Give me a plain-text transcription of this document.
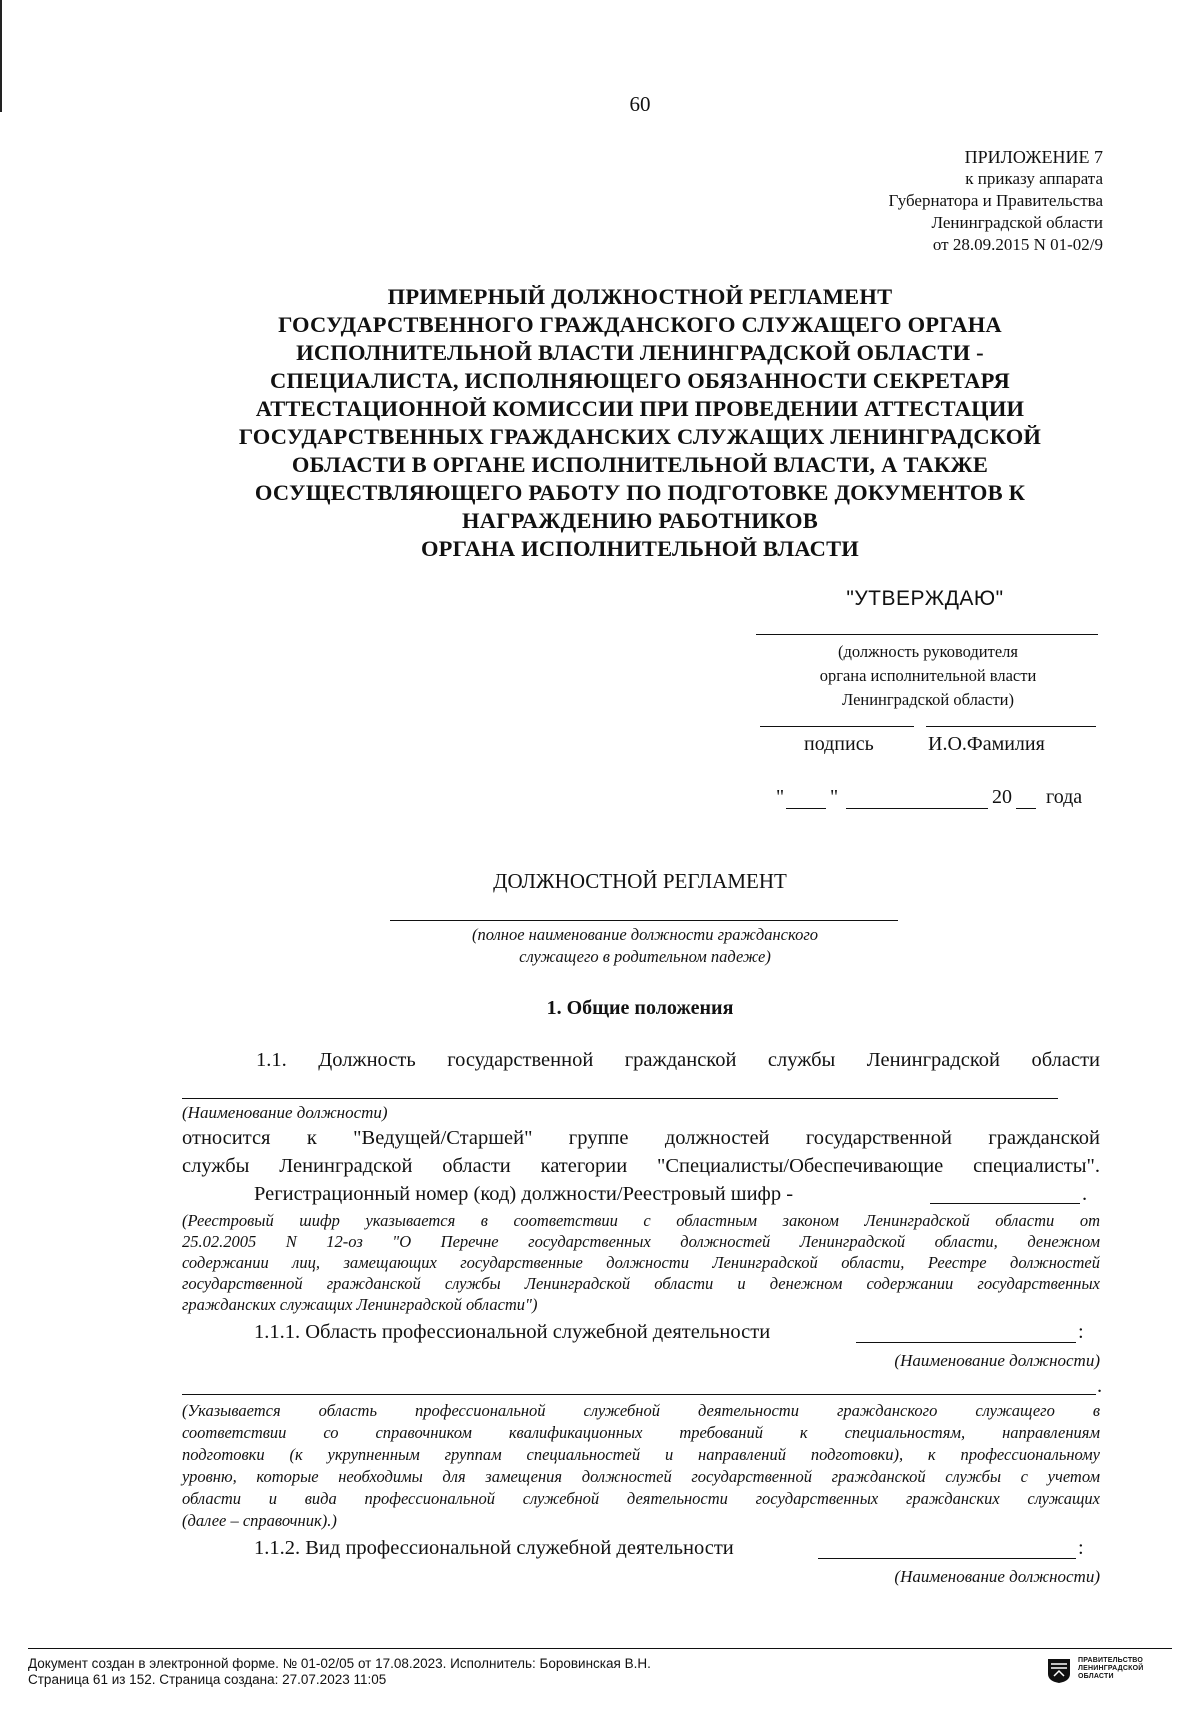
60
ПРИЛОЖЕНИЕ 7
к приказу аппарата
Губернатора и Правительства
Ленинградской области
от 28.09.2015 N 01-02/9
ПРИМЕРНЫЙ ДОЛЖНОСТНОЙ РЕГЛАМЕНТ
ГОСУДАРСТВЕННОГО ГРАЖДАНСКОГО СЛУЖАЩЕГО ОРГАНА
ИСПОЛНИТЕЛЬНОЙ ВЛАСТИ ЛЕНИНГРАДСКОЙ ОБЛАСТИ -
СПЕЦИАЛИСТА, ИСПОЛНЯЮЩЕГО ОБЯЗАННОСТИ СЕКРЕТАРЯ
АТТЕСТАЦИОННОЙ КОМИССИИ ПРИ ПРОВЕДЕНИИ АТТЕСТАЦИИ
ГОСУДАРСТВЕННЫХ ГРАЖДАНСКИХ СЛУЖАЩИХ ЛЕНИНГРАДСКОЙ
ОБЛАСТИ В ОРГАНЕ ИСПОЛНИТЕЛЬНОЙ ВЛАСТИ, А ТАКЖЕ
ОСУЩЕСТВЛЯЮЩЕГО РАБОТУ ПО ПОДГОТОВКЕ ДОКУМЕНТОВ К
НАГРАЖДЕНИЮ РАБОТНИКОВ
ОРГАНА ИСПОЛНИТЕЛЬНОЙ ВЛАСТИ
"УТВЕРЖДАЮ"
(должность руководителя
органа исполнительной власти
Ленинградской области)
подпись	И.О.Фамилия
" "	20 года
ДОЛЖНОСТНОЙ РЕГЛАМЕНТ
(полное наименование должности гражданского
служащего в родительном падеже)
1. Общие положения
1.1. Должность государственной гражданской службы Ленинградской области
(Наименование должности)
относится к "Ведущей/Старшей" группе должностей государственной гражданской
службы Ленинградской области категории "Специалисты/Обеспечивающие специалисты".
Регистрационный номер (код) должности/Реестровый шифр -	.
(Реестровый шифр указывается в соответствии с областным законом Ленинградской области от
25.02.2005 N 12-оз "О Перечне государственных должностей Ленинградской области, денежном
содержании лиц, замещающих государственные должности Ленинградской области, Реестре должностей
государственной гражданской службы Ленинградской области и денежном содержании государственных
гражданских служащих Ленинградской области")
1.1.1. Область профессиональной служебной деятельности	:
(Наименование должности)
.
(Указывается область профессиональной служебной деятельности гражданского служащего в
соответствии со справочником квалификационных требований к специальностям, направлениям
подготовки (к укрупненным группам специальностей и направлений подготовки), к профессиональному
уровню, которые необходимы для замещения должностей государственной гражданской службы с учетом
области и вида профессиональной служебной деятельности государственных гражданских служащих
(далее – справочник).)
1.1.2. Вид профессиональной служебной деятельности	:
(Наименование должности)
Документ создан в электронной форме. № 01-02/05 от 17.08.2023. Исполнитель: Боровинская В.Н.
Страница 61 из 152. Страница создана: 27.07.2023 11:05
ПРАВИТЕЛЬСТВО
ЛЕНИНГРАДСКОЙ
ОБЛАСТИ
